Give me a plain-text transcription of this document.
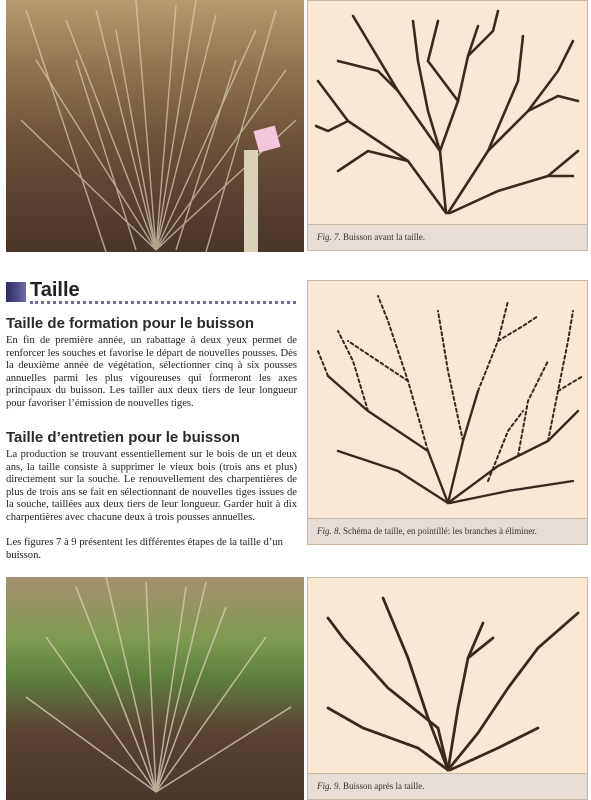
Fig. 7. Buisson avant la taille.
Taille
Taille de formation pour le buisson

En fin de première année, un rabattage à deux yeux permet de renforcer les souches et favorise le départ de nouvelles pousses. Dès la deuxième année de végétation, sélectionner cinq à six pousses annuelles parmi les plus vigoureuses qui formeront les axes principaux du buisson. Les tailler aux deux tiers de leur longueur pour favoriser l’émission de nouvelles tiges.

Taille d’entretien pour le buisson

La production se trouvant essentiellement sur le bois de un et deux ans, la taille consiste à supprimer le vieux bois (trois ans et plus) directement sur la souche. Le renouvellement des charpentières de plus de trois ans se fait en sélectionnant de nouvelles tiges issues de la souche, taillées aux deux tiers de leur longueur. Garder huit à dix charpentières avec chacune deux à trois pousses annuelles.

Les figures 7 à 9 présentent les différentes étapes de la taille d’un buisson.

Fig. 8. Schéma de taille, en pointillé: les branches à éliminer.
Fig. 9. Buisson après la taille.
